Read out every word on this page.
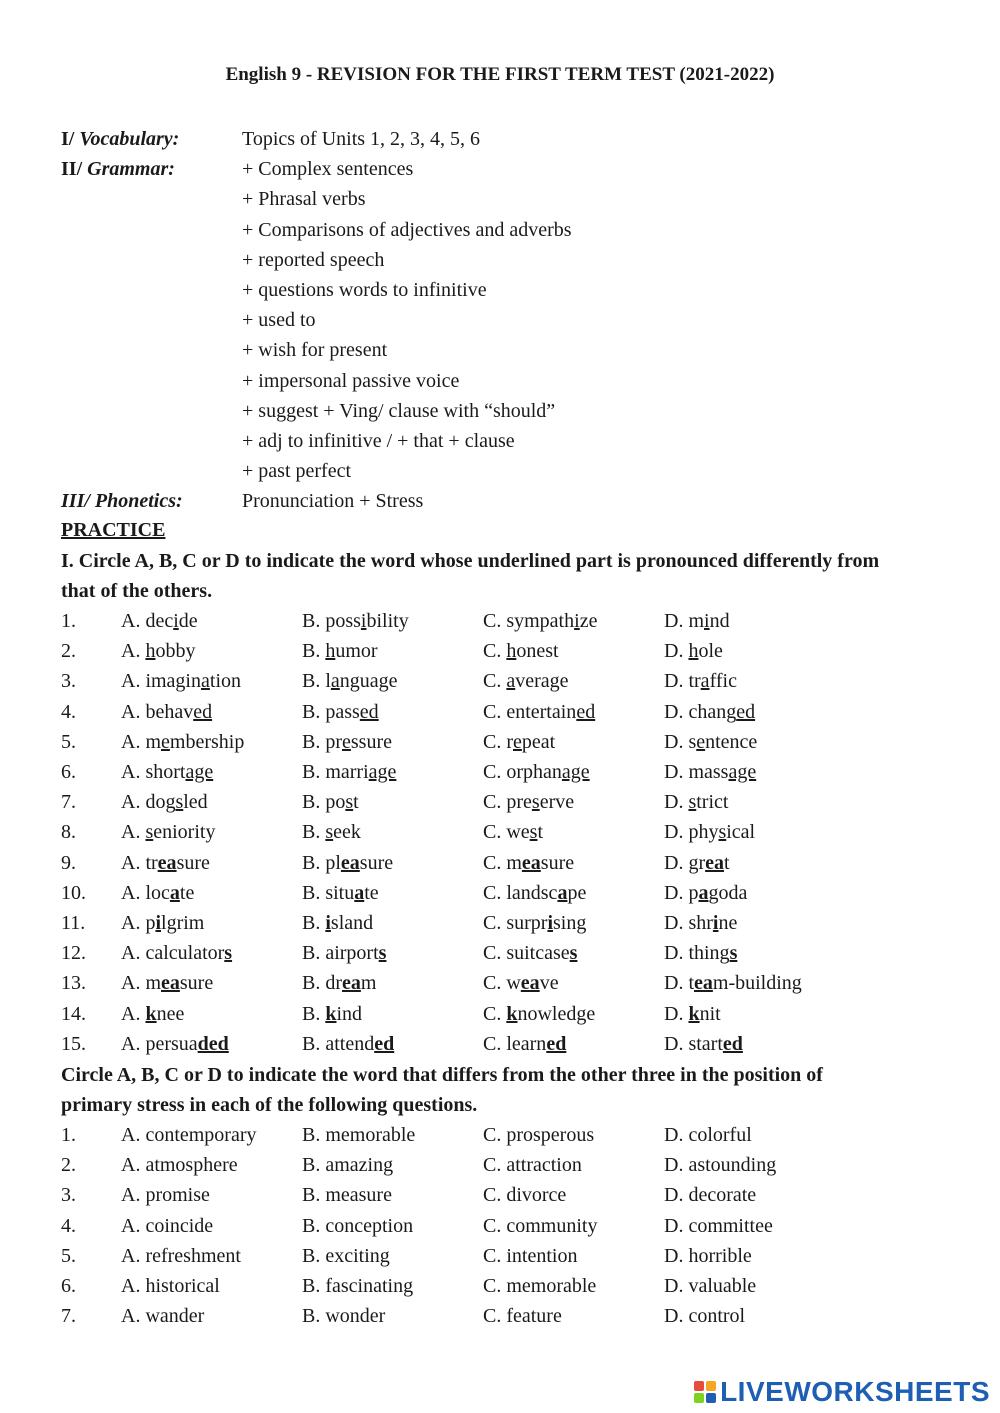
English 9 - REVISION FOR THE FIRST TERM TEST (2021-2022)
I/ Vocabulary:	Topics of Units 1, 2, 3, 4, 5, 6
II/ Grammar:	+ Complex sentences
+ Phrasal verbs
+ Comparisons of adjectives and adverbs
+ reported speech
+ questions words to infinitive
+ used to
+ wish for present
+ impersonal passive voice
+ suggest + Ving/ clause with “should”
+ adj to infinitive / + that + clause
+ past perfect
III/ Phonetics:	Pronunciation + Stress
PRACTICE
I. Circle A, B, C or D to indicate the word whose underlined part is pronounced differently from
that of the others.
1. A. decide	B. possibility	C. sympathize	D. mind
2. A. hobby	B. humor	C. honest	D. hole
3. A. imagination	B. language	C. average	D. traffic
4. A. behaved	B. passed	C. entertained	D. changed
5. A. membership	B. pressure	C. repeat	D. sentence
6. A. shortage	B. marriage	C. orphanage	D. massage
7. A. dogsled	B. post	C. preserve	D. strict
8. A. seniority	B. seek	C. west	D. physical
9. A. treasure	B. pleasure	C. measure	D. great
10. A. locate	B. situate	C. landscape	D. pagoda
11. A. pilgrim	B. island	C. surprising	D. shrine
12. A. calculators	B. airports	C. suitcases	D. things
13. A. measure	B. dream	C. weave	D. team-building
14. A. knee	B. kind	C. knowledge	D. knit
15. A. persuaded	B. attended	C. learned	D. started
Circle A, B, C or D to indicate the word that differs from the other three in the position of
primary stress in each of the following questions.
1. A. contemporary B. memorable	C. prosperous	D. colorful
2. A. atmosphere	B. amazing	C. attraction	D. astounding
3. A. promise	B. measure	C. divorce	D. decorate
4. A. coincide	B. conception	C. community	D. committee
5. A. refreshment	B. exciting	C. intention	D. horrible
6. A. historical	B. fascinating	C. memorable	D. valuable
7. A. wander	B. wonder	C. feature	D. control
LIVEWORKSHEETS
